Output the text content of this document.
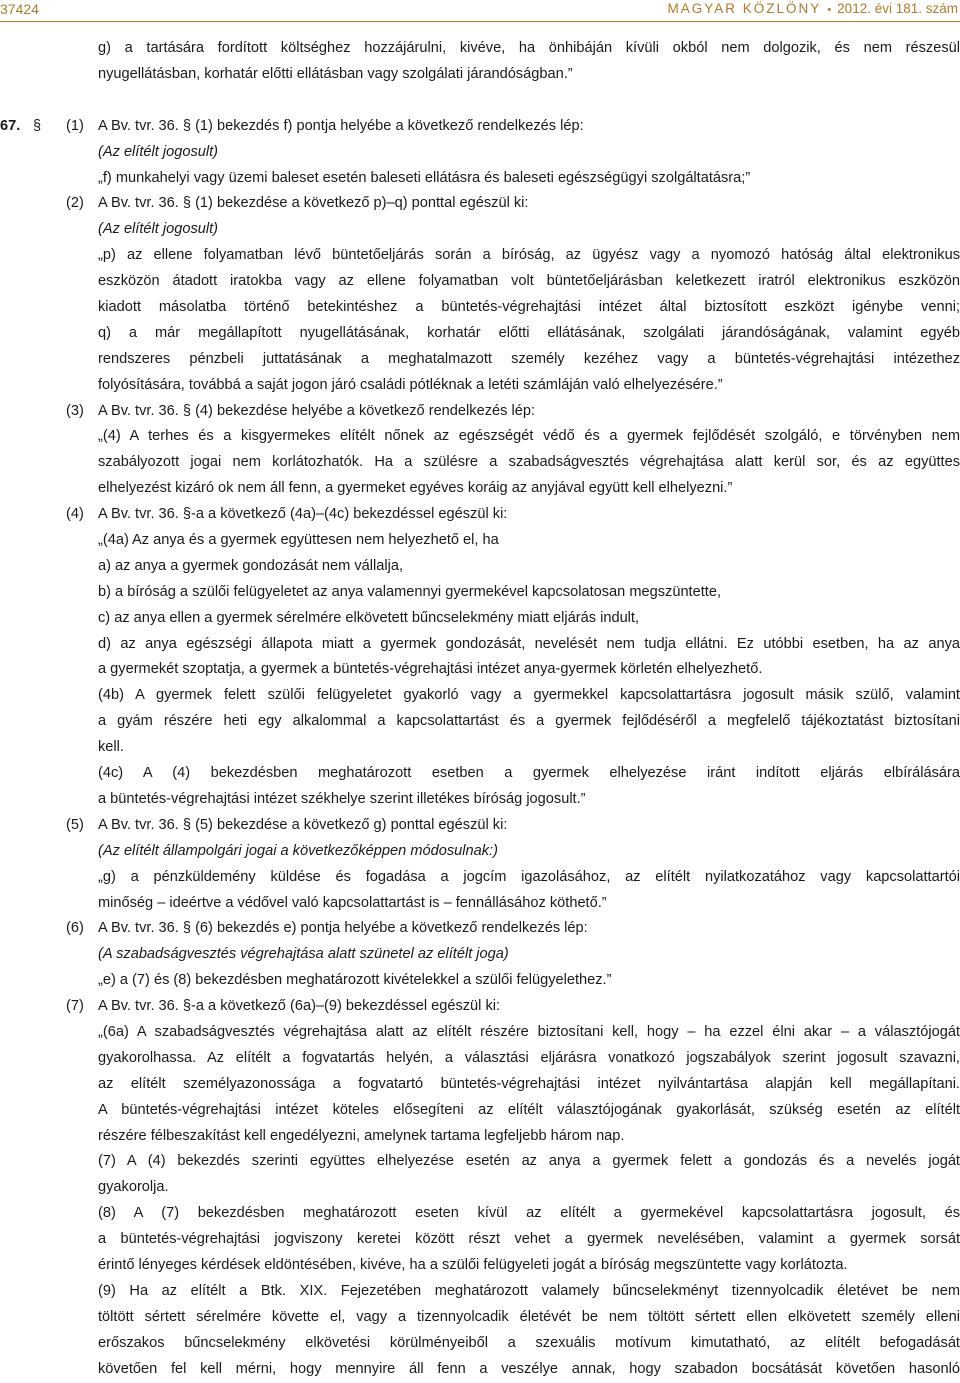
37424	MAGYAR KÖZLÖNY • 2012. évi 181. szám
g) a tartására fordított költséghez hozzájárulni, kivéve, ha önhibáján kívüli okból nem dolgozik, és nem részesül
nyugellátásban, korhatár előtti ellátásban vagy szolgálati járandóságban.”
67. § (1) A Bv. tvr. 36. § (1) bekezdés f) pontja helyébe a következő rendelkezés lép:
(Az elítélt jogosult)
„f) munkahelyi vagy üzemi baleset esetén baleseti ellátásra és baleseti egészségügyi szolgáltatásra;”
(2) A Bv. tvr. 36. § (1) bekezdése a következő p)–q) ponttal egészül ki:
(Az elítélt jogosult)
„p) az ellene folyamatban lévő büntetőeljárás során a bíróság, az ügyész vagy a nyomozó hatóság által elektronikus
eszközön átadott iratokba vagy az ellene folyamatban volt büntetőeljárásban keletkezett iratról elektronikus eszközön
kiadott másolatba történő betekintéshez a büntetés-végrehajtási intézet által biztosított eszközt igénybe venni;
q) a már megállapított nyugellátásának, korhatár előtti ellátásának, szolgálati járandóságának, valamint egyéb
rendszeres pénzbeli juttatásának a meghatalmazott személy kezéhez vagy a büntetés-végrehajtási intézethez
folyósítására, továbbá a saját jogon járó családi pótléknak a letéti számláján való elhelyezésére.”
(3) A Bv. tvr. 36. § (4) bekezdése helyébe a következő rendelkezés lép:
„(4) A terhes és a kisgyermekes elítélt nőnek az egészségét védő és a gyermek fejlődését szolgáló, e törvényben nem
szabályozott jogai nem korlátozhatók. Ha a szülésre a szabadságvesztés végrehajtása alatt kerül sor, és az együttes
elhelyezést kizáró ok nem áll fenn, a gyermeket egyéves koráig az anyjával együtt kell elhelyezni.”
(4) A Bv. tvr. 36. §-a a következő (4a)–(4c) bekezdéssel egészül ki:
„(4a) Az anya és a gyermek együttesen nem helyezhető el, ha
a) az anya a gyermek gondozását nem vállalja,
b) a bíróság a szülői felügyeletet az anya valamennyi gyermekével kapcsolatosan megszüntette,
c) az anya ellen a gyermek sérelmére elkövetett bűncselekmény miatt eljárás indult,
d) az anya egészségi állapota miatt a gyermek gondozását, nevelését nem tudja ellátni. Ez utóbbi esetben, ha az anya
a gyermekét szoptatja, a gyermek a büntetés-végrehajtási intézet anya-gyermek körletén elhelyezhető.
(4b) A gyermek felett szülői felügyeletet gyakorló vagy a gyermekkel kapcsolattartásra jogosult másik szülő, valamint
a gyám részére heti egy alkalommal a kapcsolattartást és a gyermek fejlődéséről a megfelelő tájékoztatást biztosítani
kell.
(4c) A (4) bekezdésben meghatározott esetben a gyermek elhelyezése iránt indított eljárás elbírálására
a büntetés-végrehajtási intézet székhelye szerint illetékes bíróság jogosult.”
(5) A Bv. tvr. 36. § (5) bekezdése a következő g) ponttal egészül ki:
(Az elítélt állampolgári jogai a következőképpen módosulnak:)
„g) a pénzküldemény küldése és fogadása a jogcím igazolásához, az elítélt nyilatkozatához vagy kapcsolattartói
minőség – ideértve a védővel való kapcsolattartást is – fennállásához köthető.”
(6) A Bv. tvr. 36. § (6) bekezdés e) pontja helyébe a következő rendelkezés lép:
(A szabadságvesztés végrehajtása alatt szünetel az elítélt joga)
„e) a (7) és (8) bekezdésben meghatározott kivételekkel a szülői felügyelethez.”
(7) A Bv. tvr. 36. §-a a következő (6a)–(9) bekezdéssel egészül ki:
„(6a) A szabadságvesztés végrehajtása alatt az elítélt részére biztosítani kell, hogy – ha ezzel élni akar – a választójogát
gyakorolhassa. Az elítélt a fogvatartás helyén, a választási eljárásra vonatkozó jogszabályok szerint jogosult szavazni,
az elítélt személyazonossága a fogvatartó büntetés-végrehajtási intézet nyilvántartása alapján kell megállapítani.
A büntetés-végrehajtási intézet köteles elősegíteni az elítélt választójogának gyakorlását, szükség esetén az elítélt
részére félbeszakítást kell engedélyezni, amelynek tartama legfeljebb három nap.
(7) A (4) bekezdés szerinti együttes elhelyezése esetén az anya a gyermek felett a gondozás és a nevelés jogát
gyakorolja.
(8) A (7) bekezdésben meghatározott eseten kívül az elítélt a gyermekével kapcsolattartásra jogosult, és
a büntetés-végrehajtási jogviszony keretei között részt vehet a gyermek nevelésében, valamint a gyermek sorsát
érintő lényeges kérdések eldöntésében, kivéve, ha a szülői felügyeleti jogát a bíróság megszüntette vagy korlátozta.
(9) Ha az elítélt a Btk. XIX. Fejezetében meghatározott valamely bűncselekményt tizennyolcadik életévet be nem
töltött sértett sérelmére követte el, vagy a tizennyolcadik életévét be nem töltött sértett ellen elkövetett személy elleni
erőszakos bűncselekmény elkövetési körülményeiből a szexuális motívum kimutatható, az elítélt befogadását
követően fel kell mérni, hogy mennyire áll fenn a veszélye annak, hogy szabadon bocsátását követően hasonló
